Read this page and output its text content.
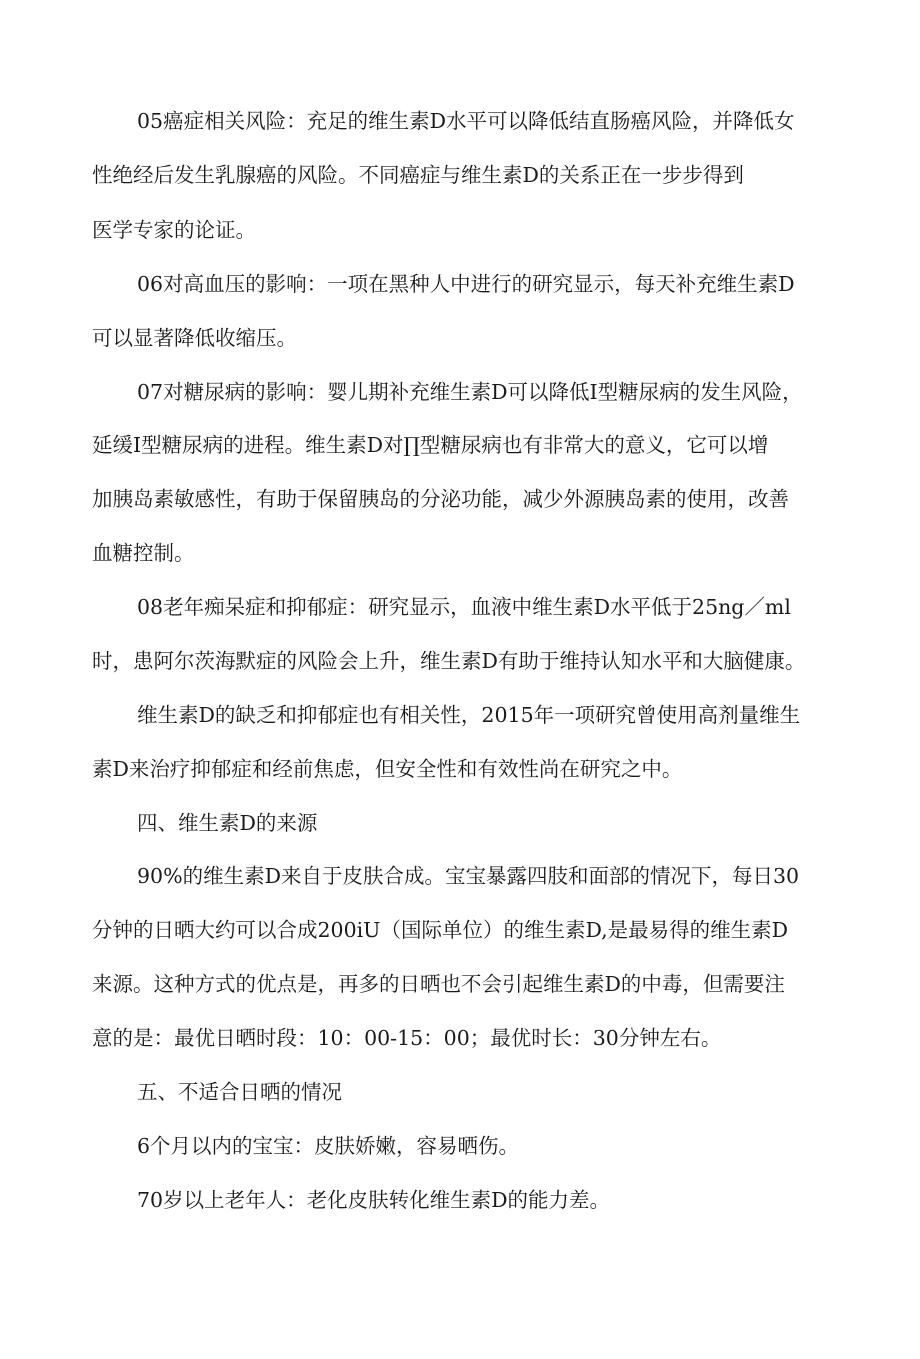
05癌症相关风险：充足的维生素D水平可以降低结直肠癌风险，并降低女

性绝经后发生乳腺癌的风险。不同癌症与维生素D的关系正在一步步得到

医学专家的论证。

06对高血压的影响：一项在黑种人中进行的研究显示，每天补充维生素D

可以显著降低收缩压。

07对糖尿病的影响：婴儿期补充维生素D可以降低I型糖尿病的发生风险，

延缓I型糖尿病的进程。维生素D对∏型糖尿病也有非常大的意义，它可以增

加胰岛素敏感性，有助于保留胰岛的分泌功能，减少外源胰岛素的使用，改善

血糖控制。

08老年痴呆症和抑郁症：研究显示，血液中维生素D水平低于25ng／ml

时，患阿尔茨海默症的风险会上升，维生素D有助于维持认知水平和大脑健康。

维生素D的缺乏和抑郁症也有相关性，2015年一项研究曾使用高剂量维生

素D来治疗抑郁症和经前焦虑，但安全性和有效性尚在研究之中。

四、维生素D的来源

90%的维生素D来自于皮肤合成。宝宝暴露四肢和面部的情况下，每日30

分钟的日晒大约可以合成200iU（国际单位）的维生素D,是最易得的维生素D

来源。这种方式的优点是，再多的日晒也不会引起维生素D的中毒，但需要注

意的是：最优日晒时段：10：00-15：00；最优时长：30分钟左右。

五、不适合日晒的情况

6个月以内的宝宝：皮肤娇嫩，容易晒伤。

70岁以上老年人：老化皮肤转化维生素D的能力差。
